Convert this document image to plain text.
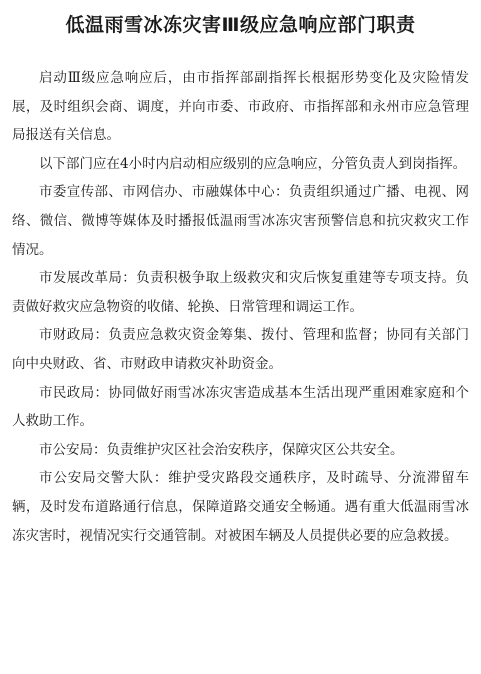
低温雨雪冰冻灾害Ⅲ级应急响应部门职责

启动Ⅲ级应急响应后，由市指挥部副指挥长根据形势变化及灾险情发展，及时组织会商、调度，并向市委、市政府、市指挥部和永州市应急管理局报送有关信息。

以下部门应在4小时内启动相应级别的应急响应，分管负责人到岗指挥。

市委宣传部、市网信办、市融媒体中心：负责组织通过广播、电视、网络、微信、微博等媒体及时播报低温雨雪冰冻灾害预警信息和抗灾救灾工作情况。

市发展改革局：负责积极争取上级救灾和灾后恢复重建等专项支持。负责做好救灾应急物资的收储、轮换、日常管理和调运工作。

市财政局：负责应急救灾资金筹集、拨付、管理和监督；协同有关部门向中央财政、省、市财政申请救灾补助资金。

市民政局：协同做好雨雪冰冻灾害造成基本生活出现严重困难家庭和个人救助工作。

市公安局：负责维护灾区社会治安秩序，保障灾区公共安全。

市公安局交警大队：维护受灾路段交通秩序，及时疏导、分流滞留车辆，及时发布道路通行信息，保障道路交通安全畅通。遇有重大低温雨雪冰冻灾害时，视情况实行交通管制。对被困车辆及人员提供必要的应急救援。
